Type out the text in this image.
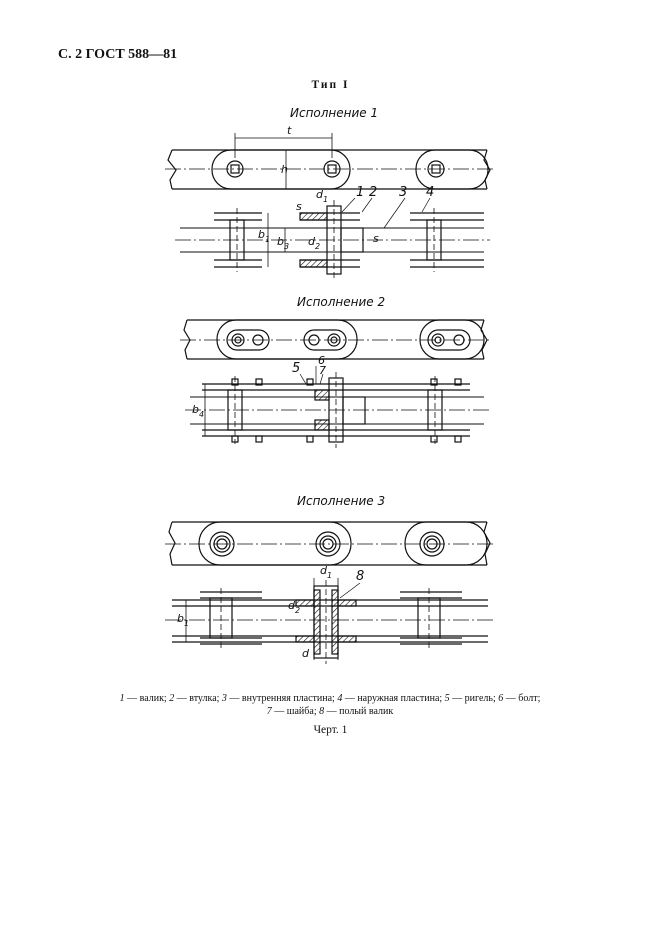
С. 2 ГОСТ 588—81
Тип I
Исполнение 1
Исполнение 2
Исполнение 3
t
h
d 1
s
s
b 1 b 3 d 2
1 2 3 4
b 4
5
6
7
d 1 8
d 2
b 1
d
1 — валик; 2 — втулка; 3 — внутренняя пластина; 4 — наружная пластина; 5 — ригель; 6 — болт;
7 — шайба; 8 — полый валик
Черт. 1
